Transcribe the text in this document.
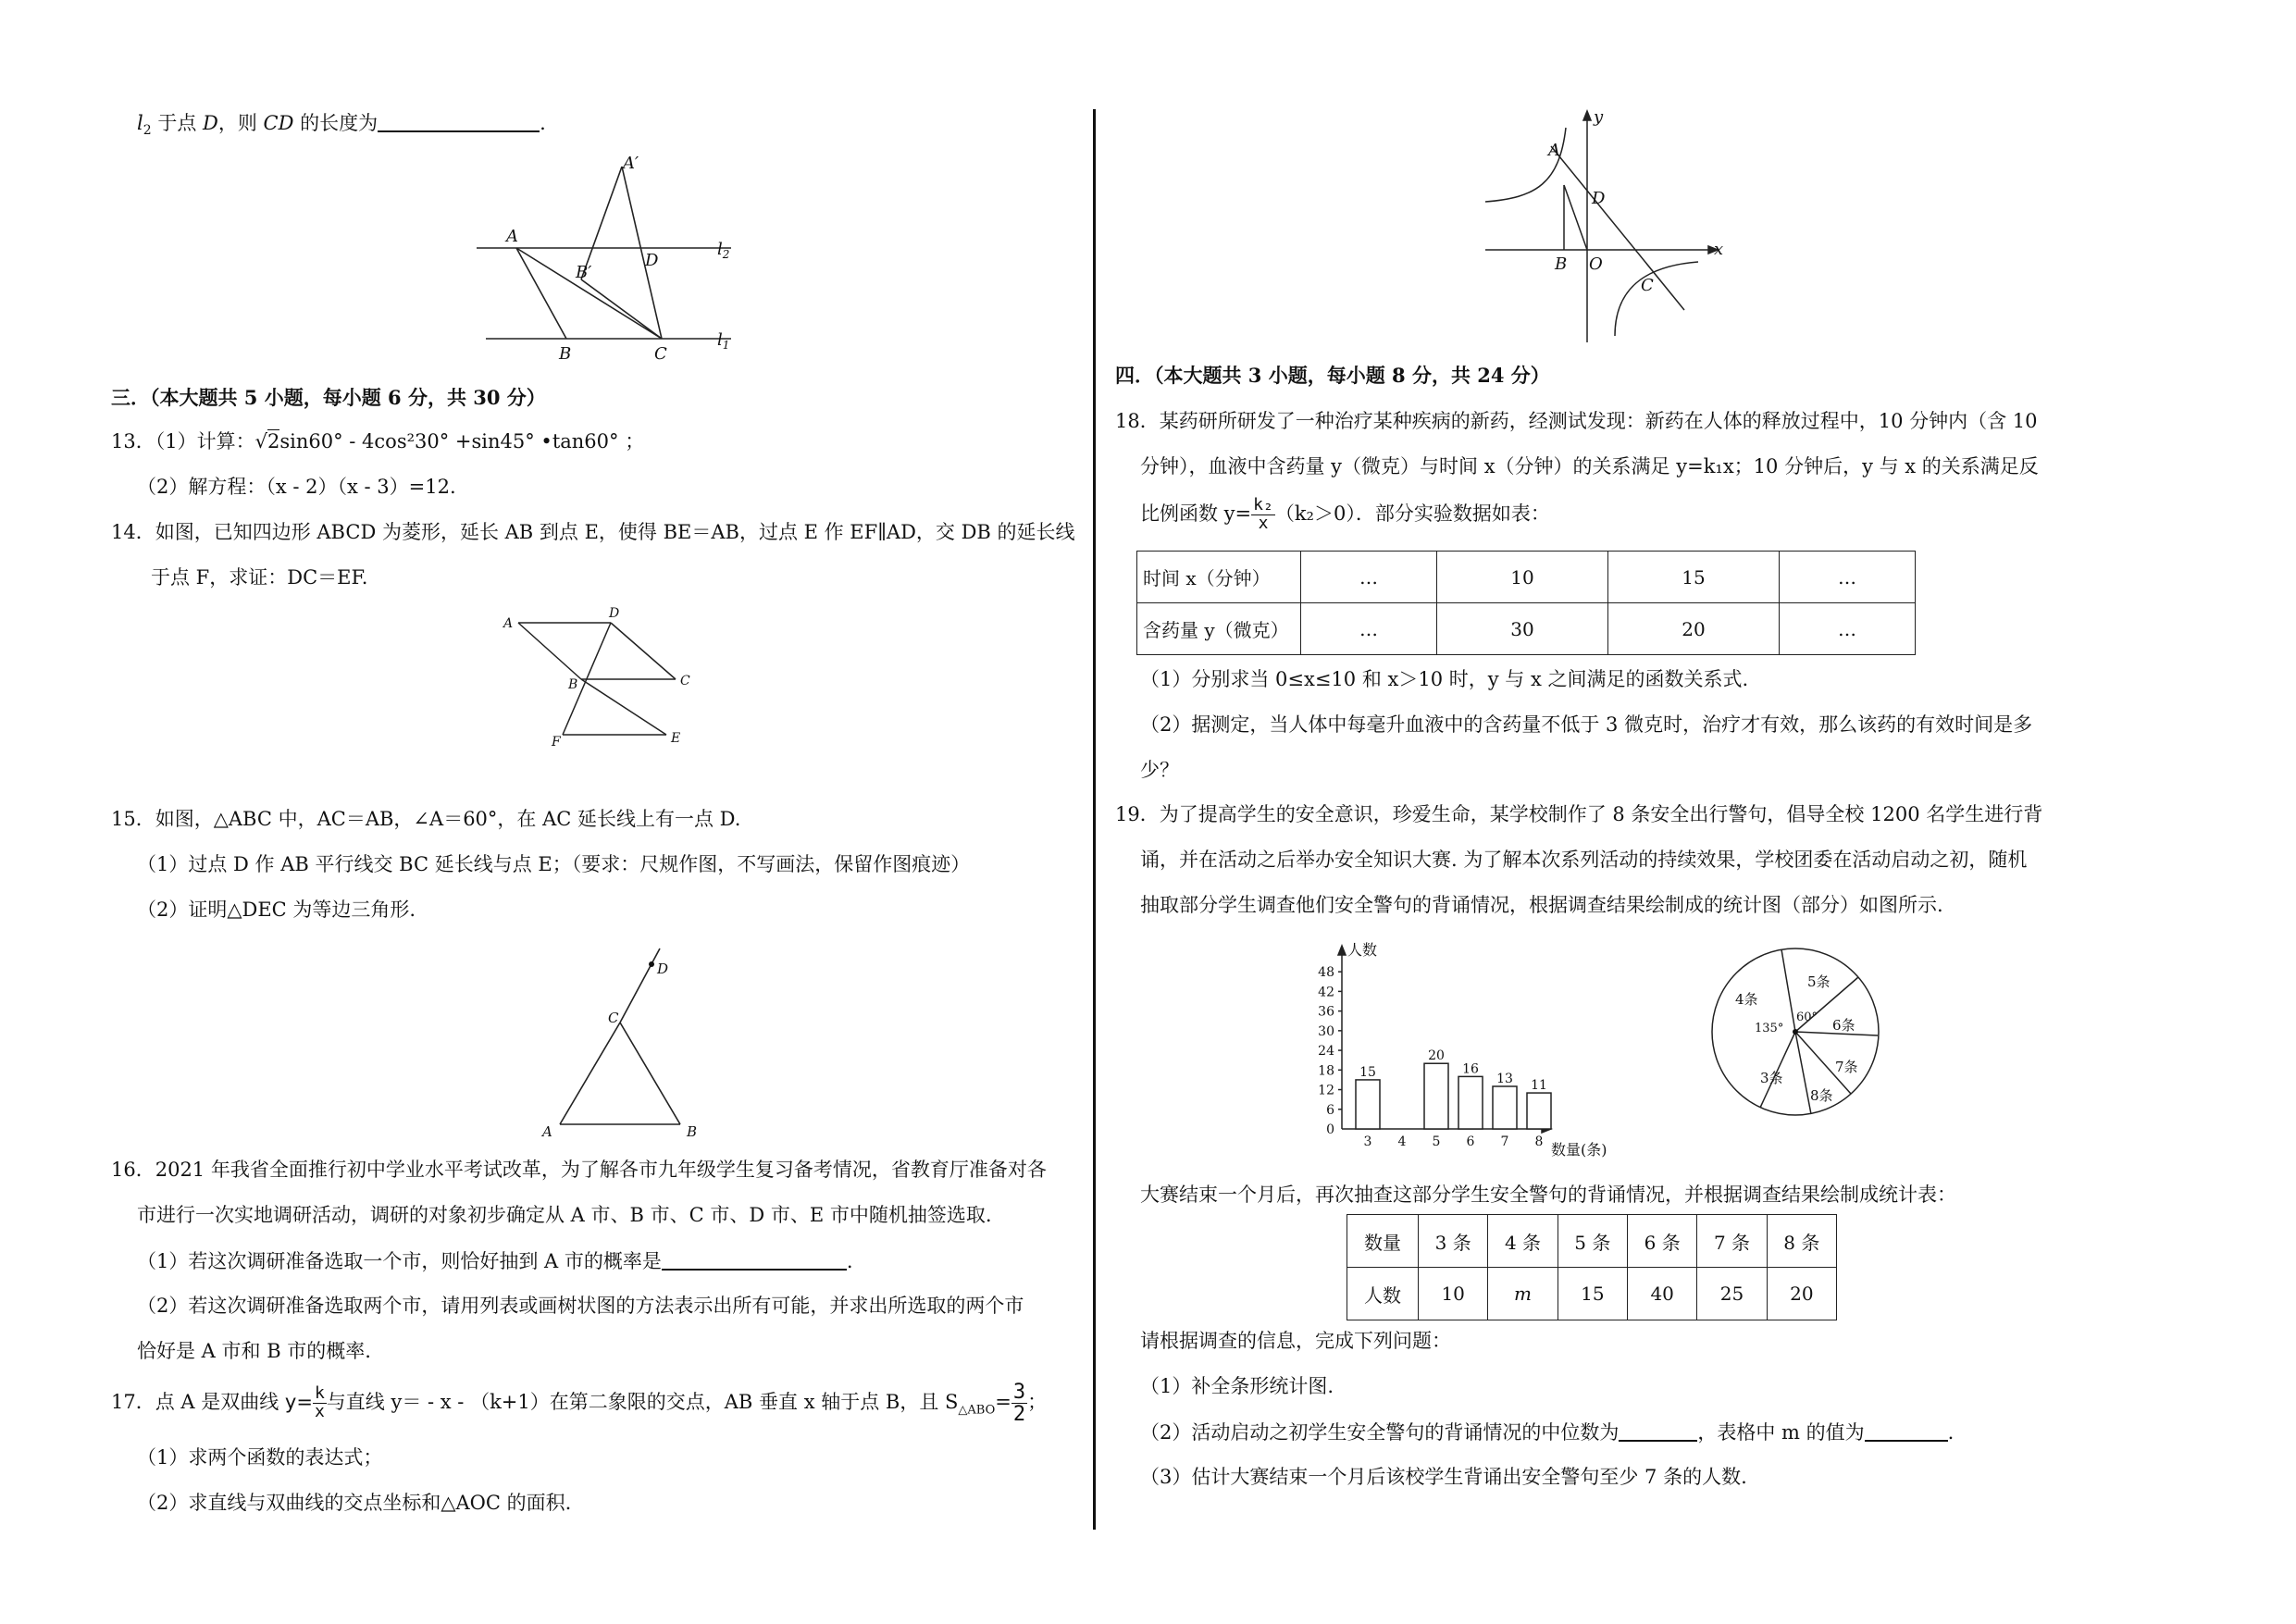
$l_2$ 于点 D，则 CD 的长度为	.
A
A′
B′
D
B	C
$l_2$
$l_1$
三．（本大题共 5 小题，每小题 6 分，共 30 分）
13．（1）计算：√2sin60° - 4cos²30° +sin45° •tan60° ；
（2）解方程：（x - 2）（x - 3）=12.
14．如图，已知四边形 ABCD 为菱形，延长 AB 到点 E，使得 BE＝AB，过点 E 作 EF∥AD，交 DB 的延长线
于点 F，求证：DC＝EF.
A
D
B	C
F	E
15．如图，△ABC 中，AC＝AB，∠A＝60°，在 AC 延长线上有一点 D.
（1）过点 D 作 AB 平行线交 BC 延长线与点 E；（要求：尺规作图，不写画法，保留作图痕迹）
（2）证明△DEC 为等边三角形.
D
C
A	B
16．2021 年我省全面推行初中学业水平考试改革，为了解各市九年级学生复习备考情况，省教育厅准备对各
市进行一次实地调研活动，调研的对象初步确定从 A 市、B 市、C 市、D 市、E 市中随机抽签选取.
（1）若这次调研准备选取一个市，则恰好抽到 A 市的概率是	.
（2）若这次调研准备选取两个市，请用列表或画树状图的方法表示出所有可能，并求出所选取的两个市
恰好是 A 市和 B 市的概率.
17．点 A 是双曲线 $y= \frac{k}{x}$ 与直线 y＝ - x - （k+1）在第二象限的交点，AB 垂直 x 轴于点 B，且 $S_{\triangle ABO}= \frac{3}{2}$ ；
（1）求两个函数的表达式；
（2）求直线与双曲线的交点坐标和△AOC 的面积.
y
x
A
D
B O
C
四．（本大题共 3 小题，每小题 8 分，共 24 分）
18．某药研所研发了一种治疗某种疾病的新药，经测试发现：新药在人体的释放过程中，10 分钟内（含 10
分钟），血液中含药量 y（微克）与时间 x（分钟）的关系满足 y=k₁x；10 分钟后，y 与 x 的关系满足反
比例函数 $y= \frac{\text{k₂}}{x} (k_2>0)$．部分实验数据如表：
时间 x（分钟）	…	10	15	…
含药量 y（微克）	…	30	20	…
（1）分别求当 0≤x≤10 和 x＞10 时，y 与 x 之间满足的函数关系式.
（2）据测定，当人体中每毫升血液中的含药量不低于 3 微克时，治疗才有效，那么该药的有效时间是多
少？
19．为了提高学生的安全意识，珍爱生命，某学校制作了 8 条安全出行警句，倡导全校 1200 名学生进行背
诵，并在活动之后举办安全知识大赛. 为了解本次系列活动的持续效果，学校团委在活动启动之初，随机
抽取部分学生调查他们安全警句的背诵情况，根据调查结果绘制成的统计图（部分）如图所示.
人数
数量(条)
6
12
18
24
30
36
42
48
0
15
3 4
20
5
16
6
13
7
11
8
5条
6条
7条
8条
3条
4条
60°
135°
大赛结束一个月后，再次抽查这部分学生安全警句的背诵情况，并根据调查结果绘制成统计表：
数量	3 条	4 条	5 条	6 条	7 条	8 条
人数	10	m	15	40	25	20
请根据调查的信息，完成下列问题：
（1）补全条形统计图.
（2）活动启动之初学生安全警句的背诵情况的中位数为	，表格中 m 的值为	.
（3）估计大赛结束一个月后该校学生背诵出安全警句至少 7 条的人数.
